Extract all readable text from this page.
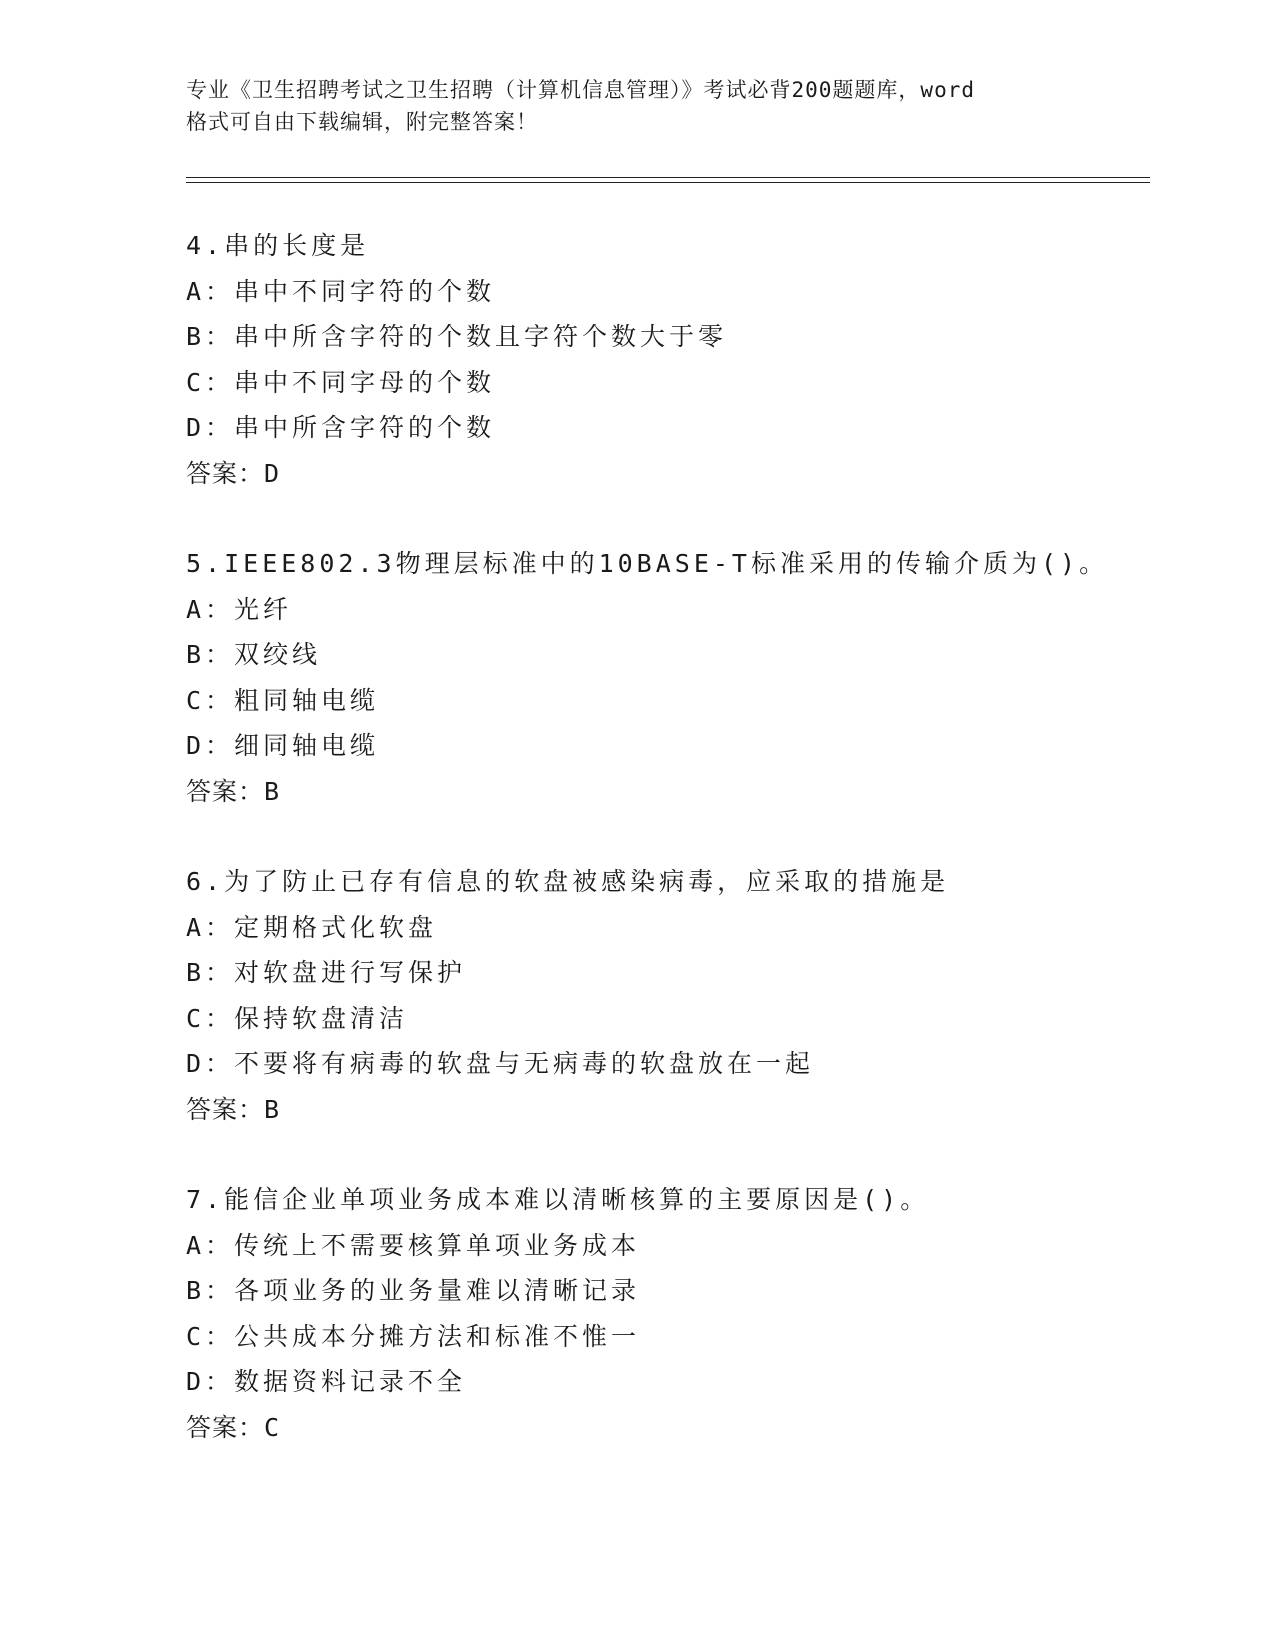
专业《卫生招聘考试之卫生招聘（计算机信息管理）》考试必背200题题库，word
格式可自由下载编辑，附完整答案！
4.串的长度是
A：串中不同字符的个数
B：串中所含字符的个数且字符个数大于零
C：串中不同字母的个数
D：串中所含字符的个数
答案：D
5.IEEE802.3物理层标准中的10BASE-T标准采用的传输介质为()。
A：光纤
B：双绞线
C：粗同轴电缆
D：细同轴电缆
答案：B
6.为了防止已存有信息的软盘被感染病毒，应采取的措施是
A：定期格式化软盘
B：对软盘进行写保护
C：保持软盘清洁
D：不要将有病毒的软盘与无病毒的软盘放在一起
答案：B
7.能信企业单项业务成本难以清晰核算的主要原因是()。
A：传统上不需要核算单项业务成本
B：各项业务的业务量难以清晰记录
C：公共成本分摊方法和标准不惟一
D：数据资料记录不全
答案：C
